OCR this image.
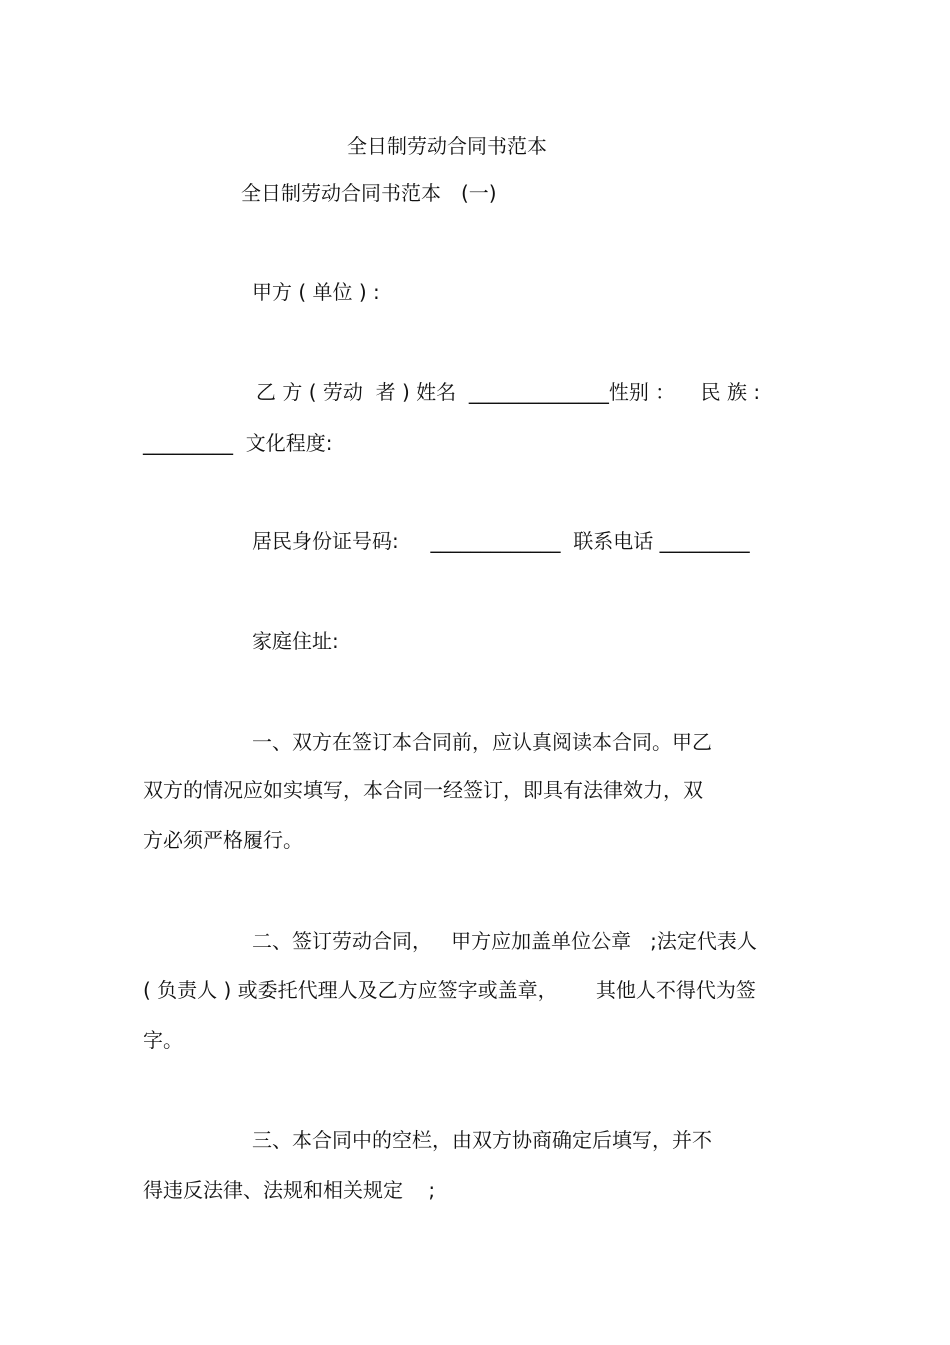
全日制劳动合同书范本
全日制劳动合同书范本　(一)
甲方 ( 单位 ) :
乙 方 ( 劳动  者 ) 姓名  ______________性别 ：    民 族 :
_________  文化程度:
居民身份证号码:     _____________  联系电话 _________
家庭住址:
一、双方在签订本合同前，应认真阅读本合同。甲乙
双方的情况应如实填写，本合同一经签订，即具有法律效力，双
方必须严格履行。
二、签订劳动合同，   甲方应加盖单位公章   ;法定代表人
( 负责人 ) 或委托代理人及乙方应签字或盖章，      其他人不得代为签
字。
三、本合同中的空栏，由双方协商确定后填写，并不
得违反法律、法规和相关规定    ;
